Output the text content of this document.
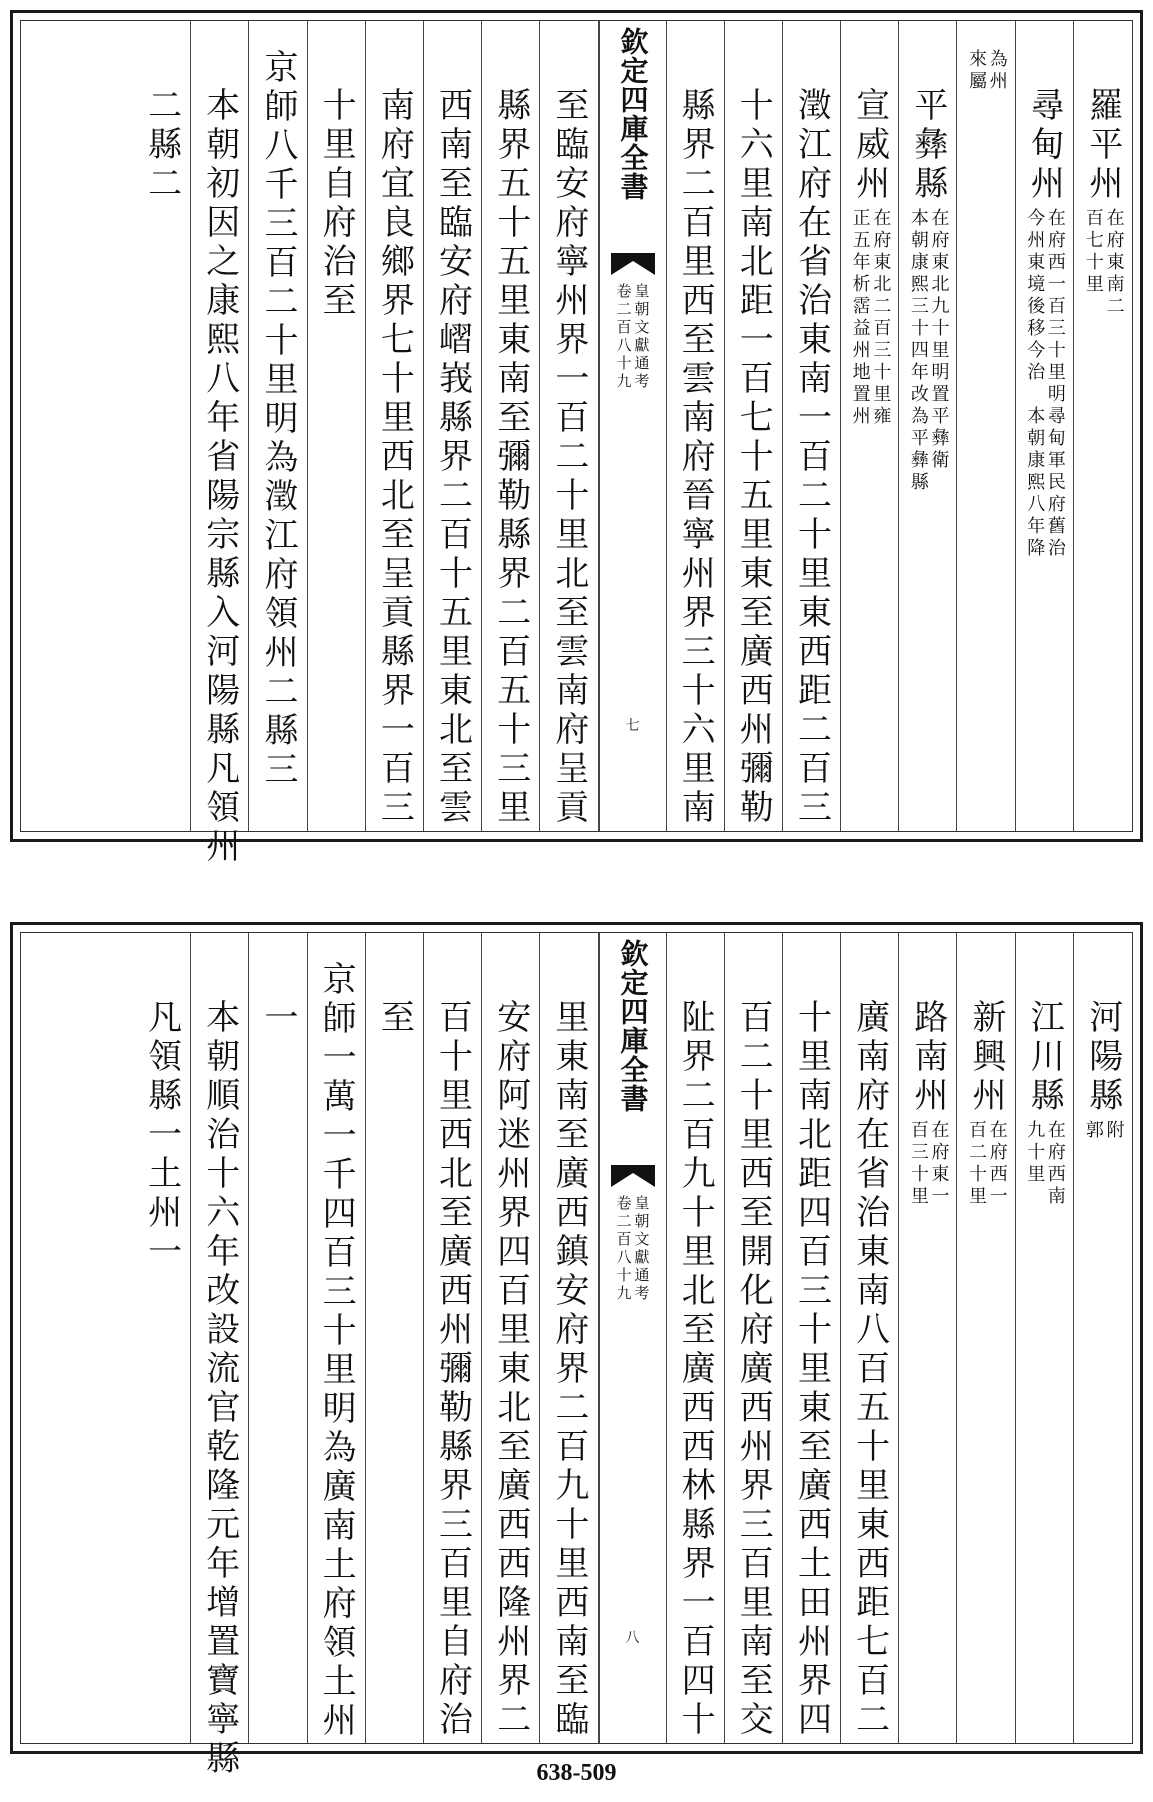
羅平州
在府東南二
百七十里
尋甸州
在府西一百三十里明尋甸軍民府舊治
今州東境後移今治　本朝康熙八年降
為州
來屬
平彝縣
在府東北九十里明置平彝衛
本朝康熙三十四年改為平彝縣
宣威州
在府東北二百三十里雍
正五年析霑益州地置州
澂江府在省治東南一百二十里東西距二百三
十六里南北距一百七十五里東至廣西州彌勒
縣界二百里西至雲南府晉寧州界三十六里南
欽定四庫全書
皇朝文獻通考
卷二百八十九
七
至臨安府寧州界一百二十里北至雲南府呈貢
縣界五十五里東南至彌勒縣界二百五十三里
西南至臨安府嶍峩縣界二百十五里東北至雲
南府宜良鄉界七十里西北至呈貢縣界一百三
十里自府治至
京師八千三百二十里明為澂江府領州二縣三
本朝初因之康熙八年省陽宗縣入河陽縣凡領州
二縣二
河陽縣
附
郭
江川縣
在府西南
九十里
新興州
在府西一
百二十里
路南州
在府東一
百三十里
廣南府在省治東南八百五十里東西距七百二
十里南北距四百三十里東至廣西土田州界四
百二十里西至開化府廣西州界三百里南至交
阯界二百九十里北至廣西西林縣界一百四十
欽定四庫全書
皇朝文獻通考
卷二百八十九
八
里東南至廣西鎮安府界二百九十里西南至臨
安府阿迷州界四百里東北至廣西西隆州界二
百十里西北至廣西州彌勒縣界三百里自府治
至
京師一萬一千四百三十里明為廣南土府領土州
一
本朝順治十六年改設流官乾隆元年增置寶寧縣
凡領縣一土州一
638-509
